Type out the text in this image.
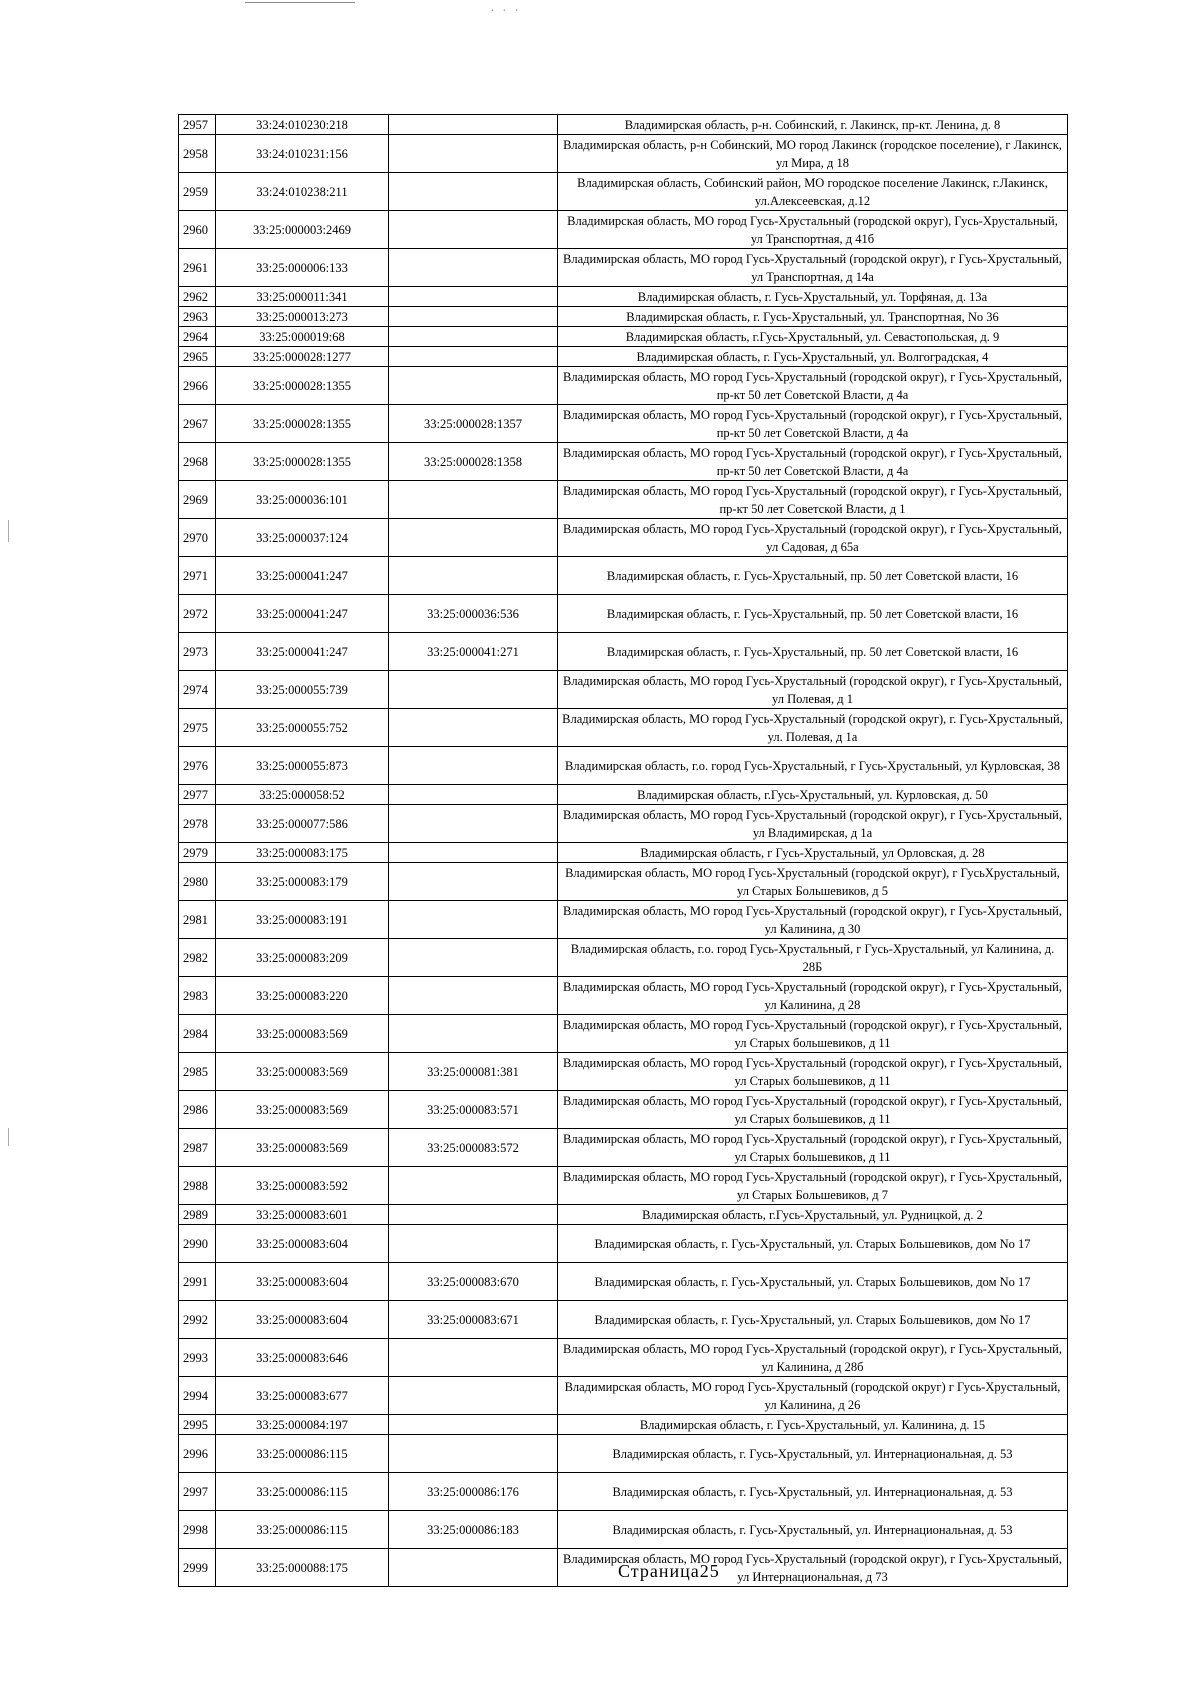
· · ·
2957	33:24:010230:218		Владимирская область, р-н. Собинский, г. Лакинск, пр-кт. Ленина, д. 8
2958	33:24:010231:156		Владимирская область, р-н Собинский, МО город Лакинск (городское поселение), г Лакинск, ул Мира, д 18
2959	33:24:010238:211		Владимирская область, Собинский район, МО городское поселение Лакинск, г.Лакинск, ул.Алексеевская, д.12
2960	33:25:000003:2469		Владимирская область, МО город Гусь-Хрустальный (городской округ), Гусь-Хрустальный, ул Транспортная, д 41б
2961	33:25:000006:133		Владимирская область, МО город Гусь-Хрустальный (городской округ), г Гусь-Хрустальный, ул Транспортная, д 14а
2962	33:25:000011:341		Владимирская область, г. Гусь-Хрустальный, ул. Торфяная, д. 13а
2963	33:25:000013:273		Владимирская область, г. Гусь-Хрустальный, ул. Транспортная, No 36
2964	33:25:000019:68		Владимирская область, г.Гусь-Хрустальный, ул. Севастопольская, д. 9
2965	33:25:000028:1277		Владимирская область, г. Гусь-Хрустальный, ул. Волгоградская, 4
2966	33:25:000028:1355		Владимирская область, МО город Гусь-Хрустальный (городской округ), г Гусь-Хрустальный, пр-кт 50 лет Советской Власти, д 4а
2967	33:25:000028:1355	33:25:000028:1357	Владимирская область, МО город Гусь-Хрустальный (городской округ), г Гусь-Хрустальный, пр-кт 50 лет Советской Власти, д 4а
2968	33:25:000028:1355	33:25:000028:1358	Владимирская область, МО город Гусь-Хрустальный (городской округ), г Гусь-Хрустальный, пр-кт 50 лет Советской Власти, д 4а
2969	33:25:000036:101		Владимирская область, МО город Гусь-Хрустальный (городской округ), г Гусь-Хрустальный, пр-кт 50 лет Советской Власти, д 1
2970	33:25:000037:124		Владимирская область, МО город Гусь-Хрустальный (городской округ), г Гусь-Хрустальный, ул Садовая, д 65а
2971	33:25:000041:247		Владимирская область, г. Гусь-Хрустальный, пр. 50 лет Советской власти, 16
2972	33:25:000041:247	33:25:000036:536	Владимирская область, г. Гусь-Хрустальный, пр. 50 лет Советской власти, 16
2973	33:25:000041:247	33:25:000041:271	Владимирская область, г. Гусь-Хрустальный, пр. 50 лет Советской власти, 16
2974	33:25:000055:739		Владимирская область, МО город Гусь-Хрустальный (городской округ), г Гусь-Хрустальный, ул Полевая, д 1
2975	33:25:000055:752		Владимирская область, МО город Гусь-Хрустальный (городской округ), г. Гусь-Хрустальный, ул. Полевая, д 1а
2976	33:25:000055:873		Владимирская область, г.о. город Гусь-Хрустальный, г Гусь-Хрустальный, ул Курловская, 38
2977	33:25:000058:52		Владимирская область, г.Гусь-Хрустальный, ул. Курловская, д. 50
2978	33:25:000077:586		Владимирская область, МО город Гусь-Хрустальный (городской округ), г Гусь-Хрустальный, ул Владимирская, д 1а
2979	33:25:000083:175		Владимирская область, г Гусь-Хрустальный, ул Орловская, д. 28
2980	33:25:000083:179		Владимирская область, МО город Гусь-Хрустальный (городской округ), г ГусьХрустальный, ул Старых Большевиков, д 5
2981	33:25:000083:191		Владимирская область, МО город Гусь-Хрустальный (городской округ), г Гусь-Хрустальный, ул Калинина, д 30
2982	33:25:000083:209		Владимирская область, г.о. город Гусь-Хрустальный, г Гусь-Хрустальный, ул Калинина, д. 28Б
2983	33:25:000083:220		Владимирская область, МО город Гусь-Хрустальный (городской округ), г Гусь-Хрустальный, ул Калинина, д 28
2984	33:25:000083:569		Владимирская область, МО город Гусь-Хрустальный (городской округ), г Гусь-Хрустальный, ул Старых большевиков, д 11
2985	33:25:000083:569	33:25:000081:381	Владимирская область, МО город Гусь-Хрустальный (городской округ), г Гусь-Хрустальный, ул Старых большевиков, д 11
2986	33:25:000083:569	33:25:000083:571	Владимирская область, МО город Гусь-Хрустальный (городской округ), г Гусь-Хрустальный, ул Старых большевиков, д 11
2987	33:25:000083:569	33:25:000083:572	Владимирская область, МО город Гусь-Хрустальный (городской округ), г Гусь-Хрустальный, ул Старых большевиков, д 11
2988	33:25:000083:592		Владимирская область, МО город Гусь-Хрустальный (городской округ), г Гусь-Хрустальный, ул Старых Большевиков, д 7
2989	33:25:000083:601		Владимирская область, г.Гусь-Хрустальный, ул. Рудницкой, д. 2
2990	33:25:000083:604		Владимирская область, г. Гусь-Хрустальный, ул. Старых Большевиков, дом No 17
2991	33:25:000083:604	33:25:000083:670	Владимирская область, г. Гусь-Хрустальный, ул. Старых Большевиков, дом No 17
2992	33:25:000083:604	33:25:000083:671	Владимирская область, г. Гусь-Хрустальный, ул. Старых Большевиков, дом No 17
2993	33:25:000083:646		Владимирская область, МО город Гусь-Хрустальный (городской округ), г Гусь-Хрустальный, ул Калинина, д 28б
2994	33:25:000083:677		Владимирская область, МО город Гусь-Хрустальный (городской округ) г Гусь-Хрустальный, ул Калинина, д 26
2995	33:25:000084:197		Владимирская область, г. Гусь-Хрустальный, ул. Калинина, д. 15
2996	33:25:000086:115		Владимирская область, г. Гусь-Хрустальный, ул. Интернациональная, д. 53
2997	33:25:000086:115	33:25:000086:176	Владимирская область, г. Гусь-Хрустальный, ул. Интернациональная, д. 53
2998	33:25:000086:115	33:25:000086:183	Владимирская область, г. Гусь-Хрустальный, ул. Интернациональная, д. 53
2999	33:25:000088:175		Владимирская область, МО город Гусь-Хрустальный (городской округ), г Гусь-Хрустальный, ул Интернациональная, д 73
Страница25
